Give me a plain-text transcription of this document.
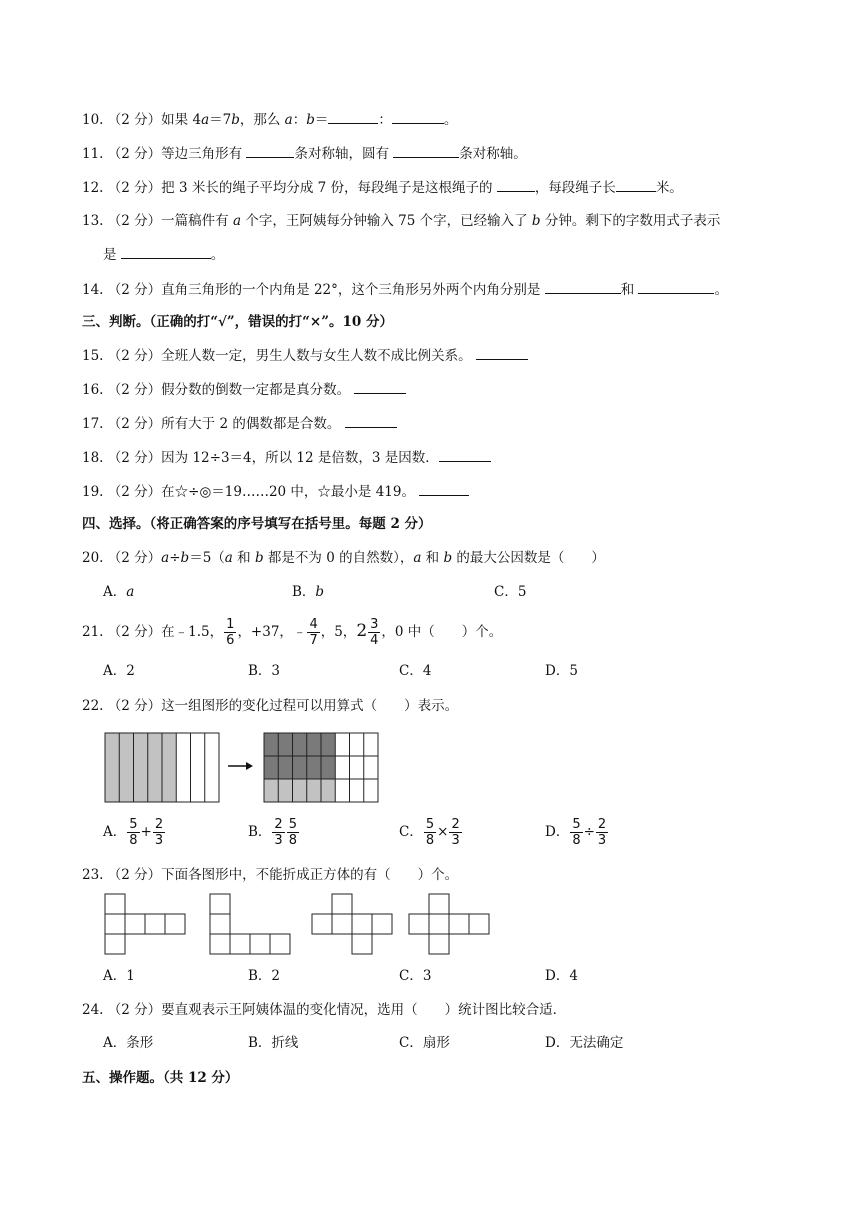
10. （2 分）如果 4a＝7b，那么 a：b＝	：	。
11. （2 分）等边三角形有	条对称轴，圆有	条对称轴。
12. （2 分）把 3 米长的绳子平均分成 7 份，每段绳子是这根绳子的	，每段绳子长	米。
13. （2 分）一篇稿件有 a 个字，王阿姨每分钟输入 75 个字，已经输入了 b 分钟。剩下的字数用式子表示
是	。
14. （2 分）直角三角形的一个内角是 22°，这个三角形另外两个内角分别是	和	。
三、判断。（正确的打“√”，错误的打“×”。10 分）
15. （2 分）全班人数一定，男生人数与女生人数不成比例关系。
16. （2 分）假分数的倒数一定都是真分数。
17. （2 分）所有大于 2 的偶数都是合数。
18. （2 分）因为 12÷3＝4，所以 12 是倍数，3 是因数．
19. （2 分）在☆÷◎＝19……20 中，☆最小是 419。
四、选择。（将正确答案的序号填写在括号里。每题 2 分）
20. （2 分）a÷b＝5（a 和 b 都是不为 0 的自然数），a 和 b 的最大公因数是（　　）
A．a	B．b	C．5
21. （2 分）在﹣1.5， $\frac{1}{6}$ ，+37，﹣ $\frac{4}{7}$ ，5，$2 \frac{3}{4}$ ，0 中（　　）个。
A．2	B．3	C．4	D．5
22. （2 分）这一组图形的变化过程可以用算式（　　）表示。
A． $\frac{5}{8} + \frac{2}{3}$	B． $\frac{2}{3} \frac{5}{8}$	C． $\frac{5}{8} \times \frac{2}{3}$	D． $\frac{5}{8} \div \frac{2}{3}$
23. （2 分）下面各图形中，不能折成正方体的有（　　）个。
A．1	B．2	C．3	D．4
24. （2 分）要直观表示王阿姨体温的变化情况，选用（　　）统计图比较合适．
A．条形	B．折线	C．扇形	D．无法确定
五、操作题。（共 12 分）
